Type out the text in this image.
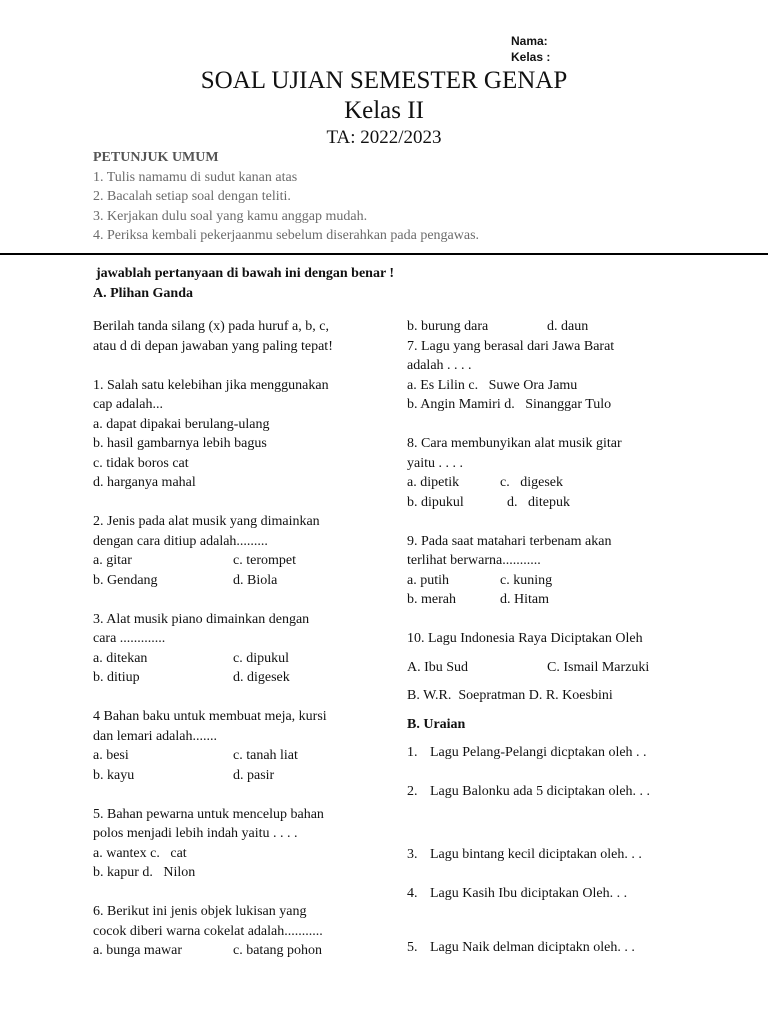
Nama:
Kelas :
SOAL UJIAN SEMESTER GENAP
Kelas II
TA: 2022/2023
PETUNJUK UMUM
1. Tulis namamu di sudut kanan atas
2. Bacalah setiap soal dengan teliti.
3. Kerjakan dulu soal yang kamu anggap mudah.
4. Periksa kembali pekerjaanmu sebelum diserahkan pada pengawas.
jawablah pertanyaan di bawah ini dengan benar !
A. Plihan Ganda
Berilah tanda silang (x) pada huruf a, b, c,
atau d di depan jawaban yang paling tepat!
1. Salah satu kelebihan jika menggunakan
cap adalah...
a. dapat dipakai berulang-ulang
b. hasil gambarnya lebih bagus
c. tidak boros cat
d. harganya mahal
2. Jenis pada alat musik yang dimainkan
dengan cara ditiup adalah.........
a. gitar	c. terompet
b. Gendang	d. Biola
3. Alat musik piano dimainkan dengan
cara .............
a. ditekan	c. dipukul
b. ditiup	d. digesek
4 Bahan baku untuk membuat meja, kursi
dan lemari adalah.......
a. besi	c. tanah liat
b. kayu	d. pasir
5. Bahan pewarna untuk mencelup bahan
polos menjadi lebih indah yaitu . . . .
a. wantex c.   cat
b. kapur d.   Nilon
6. Berikut ini jenis objek lukisan yang
cocok diberi warna cokelat adalah...........
a. bunga mawar	c. batang pohon
b. burung dara	d. daun
7. Lagu yang berasal dari Jawa Barat
adalah . . . .
a. Es Lilin c.   Suwe Ora Jamu
b. Angin Mamiri d.   Sinanggar Tulo
8. Cara membunyikan alat musik gitar
yaitu . . . .
a. dipetik	c.   digesek
b. dipukul	d.   ditepuk
9. Pada saat matahari terbenam akan
terlihat berwarna...........
a. putih	c. kuning
b. merah	d. Hitam
10. Lagu Indonesia Raya Diciptakan Oleh
A. Ibu Sud	C. Ismail Marzuki
B. W.R.  Soepratman D. R. Koesbini
B. Uraian
1. Lagu Pelang-Pelangi dicptakan oleh . .
2. Lagu Balonku ada 5 diciptakan oleh. . .
3. Lagu bintang kecil diciptakan oleh. . .
4. Lagu Kasih Ibu diciptakan Oleh. . .
5. Lagu Naik delman diciptakn oleh. . .
